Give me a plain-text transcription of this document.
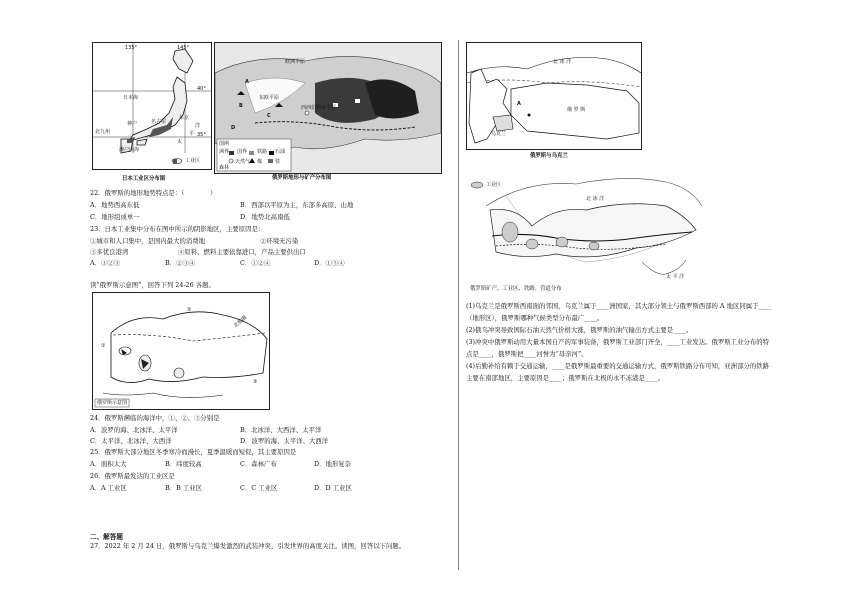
135°	145°
40°
35°
日本海
东京
北九州
神户	名古屋
濑户内海
太
平
洋
工业区
日本工业区分布图
A
B
C
D
西西伯利亚平原
欧洲平原
东欧平原
图例
洲界 国界 铁路 石油
天然气 煤	铁
森林
俄罗斯地形与矿产分布图
22．俄罗斯的地形地势特点是：（　　　　）
A．地势西高东低	B．西部以平原为主，东部多高原、山地
C．地形组成单一	D．地势北高南低
23．日本工业集中分布在图中所示的阴影地区，主要原因是：
①城市和人口集中，是国内最大的消费地	②环境无污染
③多优良港湾	④原料、燃料主要依靠进口，产品主要供出口
A．①②③	B．②③④	C．①②④	D．①③④
读“俄罗斯示意图”，回答下列 24-26 各题。
①
②
③
北极圈
俄罗斯示意图
24．俄罗斯濒临的海洋中，①、②、③分别是
A．波罗的海、北冰洋、太平洋	B．北冰洋、大西洋、太平洋
C．太平洋、北冰洋、大西洋	D．波罗的海、太平洋、大西洋
25．俄罗斯大部分地区冬季寒冷而漫长，夏季温暖而短促，其主要原因是
A．面积太大	B．纬度较高	C．森林广布	D．地形复杂
26．俄罗斯最发达的工业区是
A．A 工业区	B．B 工业区	C．C 工业区	D．D 工业区
二、解答题
27．2022 年 2 月 24 日，俄罗斯与乌克兰爆发激烈的武装冲突，引发世界的高度关注。读图，回答以下问题。
北 冰 洋
俄 罗 斯
乌克兰
A
俄罗斯与乌克兰
工业区
北 冰 洋
太 平 洋
俄罗斯矿产、工业区、铁路、管道分布
(1)乌克兰是俄罗斯西南面的邻国，乌克兰属于____洲国家，其大部分领土与俄罗斯西部的 A 地区同属于____
（地形区），俄罗斯哪种气候类型分布最广____。
(2)俄乌冲突导致国际石油天然气价格大涨，俄罗斯的油气输出方式主要是____。
(3)冲突中俄罗斯动用大量本国自产的军事装备，俄罗斯工业部门齐全，____工业发达。俄罗斯工业分布的特
点是____，俄罗斯把____河誉为“母亲河”。
(4)后勤补给有赖于交通运输，____是俄罗斯最重要的交通运输方式，俄罗斯铁路分布可知，亚洲部分的铁路
主要在南部地区，主要原因是____；俄罗斯在北极的永不冻港是____。
